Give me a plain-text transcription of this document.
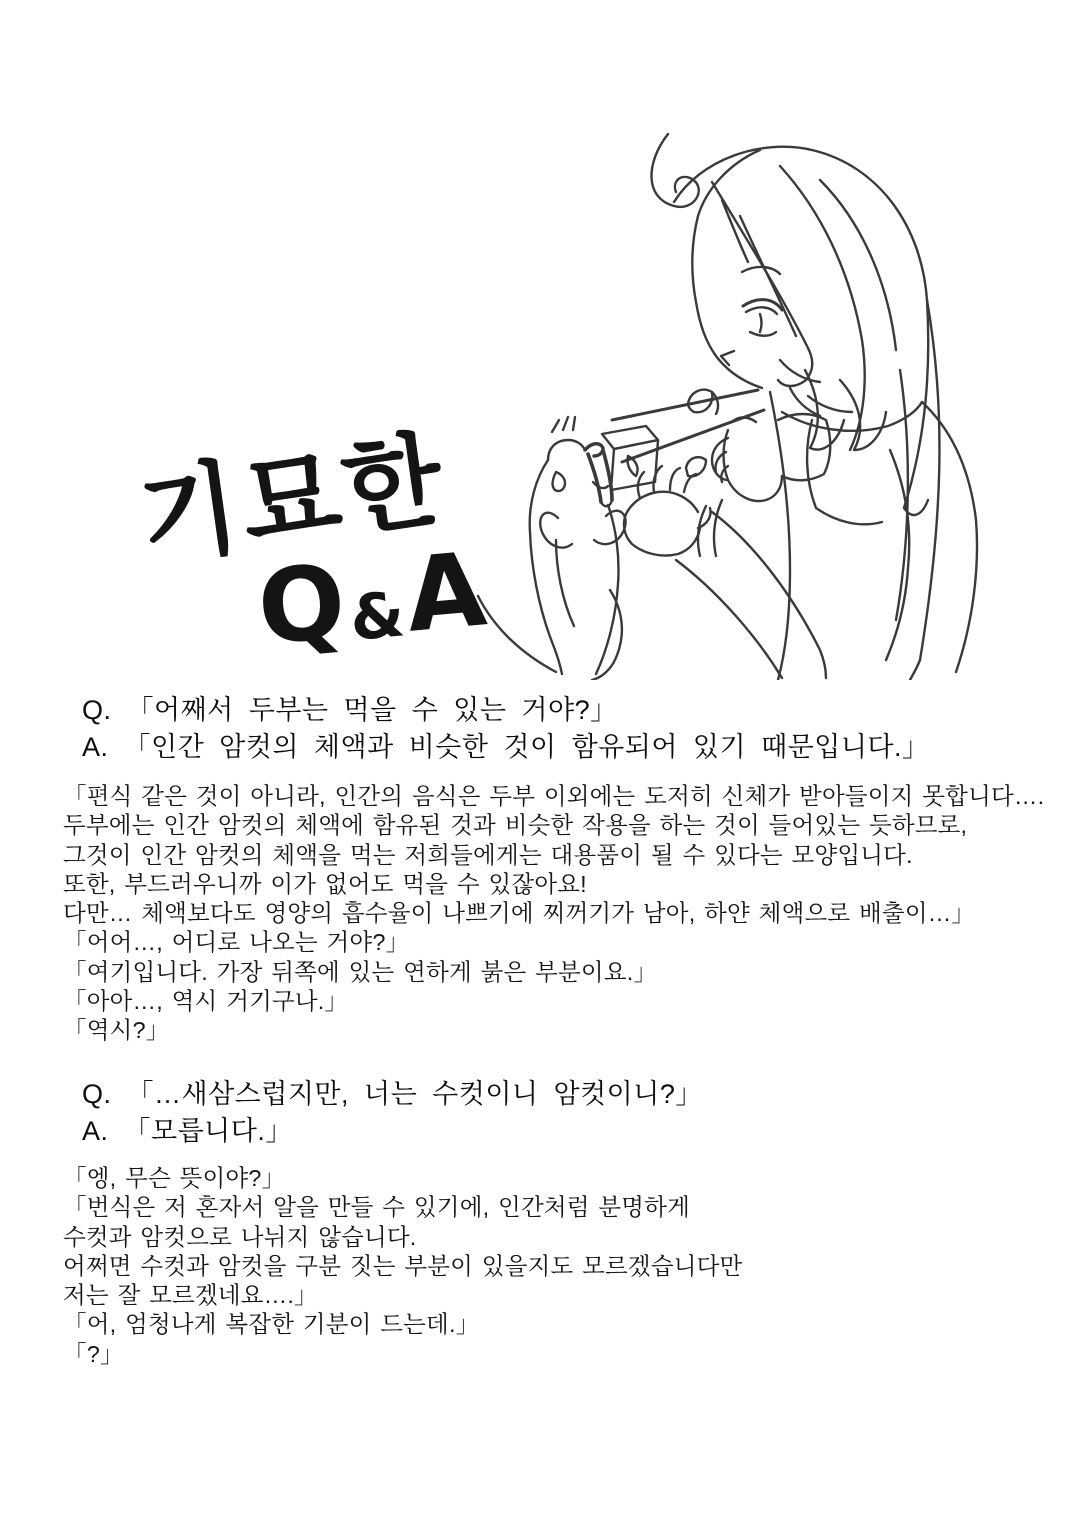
기묘한
Q&A
Q. 「어째서 두부는 먹을 수 있는 거야?」
A. 「인간 암컷의 체액과 비슷한 것이 함유되어 있기 때문입니다.」
「편식 같은 것이 아니라, 인간의 음식은 두부 이외에는 도저히 신체가 받아들이지 못합니다….
두부에는 인간 암컷의 체액에 함유된 것과 비슷한 작용을 하는 것이 들어있는 듯하므로,
그것이 인간 암컷의 체액을 먹는 저희들에게는 대용품이 될 수 있다는 모양입니다.
또한, 부드러우니까 이가 없어도 먹을 수 있잖아요!
다만… 체액보다도 영양의 흡수율이 나쁘기에 찌꺼기가 남아, 하얀 체액으로 배출이…」
「어어…, 어디로 나오는 거야?」
「여기입니다. 가장 뒤쪽에 있는 연하게 붉은 부분이요.」
「아아…, 역시 거기구나.」
「역시?」
Q. 「…새삼스럽지만, 너는 수컷이니 암컷이니?」
A. 「모릅니다.」
「엥, 무슨 뜻이야?」
「번식은 저 혼자서 알을 만들 수 있기에, 인간처럼 분명하게
수컷과 암컷으로 나뉘지 않습니다.
어쩌면 수컷과 암컷을 구분 짓는 부분이 있을지도 모르겠습니다만
저는 잘 모르겠네요….」
「어, 엄청나게 복잡한 기분이 드는데.」
「?」
